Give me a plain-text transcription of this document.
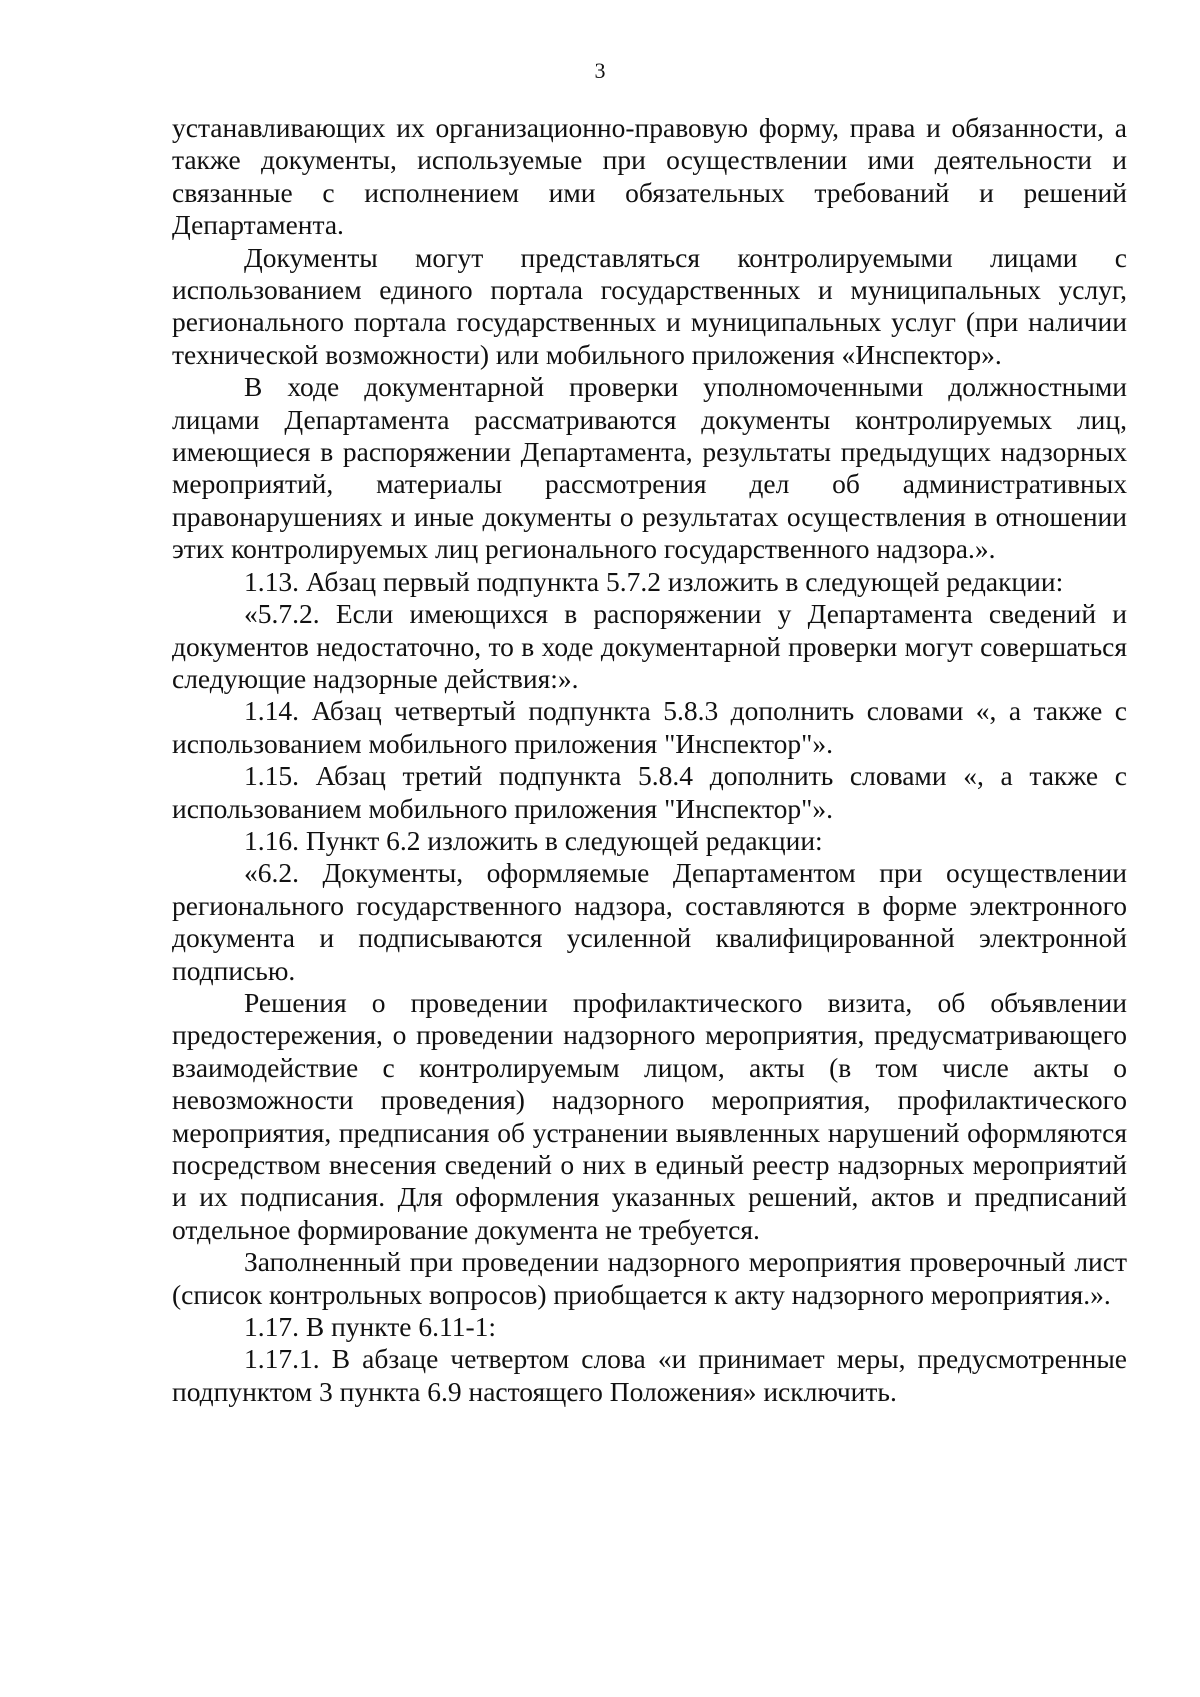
3

устанавливающих их организационно-правовую форму, права и обязанности, а также документы, используемые при осуществлении ими деятельности и связанные с исполнением ими обязательных требований и решений Департамента.

Документы могут представляться контролируемыми лицами с использованием единого портала государственных и муниципальных услуг, регионального портала государственных и муниципальных услуг (при наличии технической возможности) или мобильного приложения «Инспектор».

В ходе документарной проверки уполномоченными должностными лицами Департамента рассматриваются документы контролируемых лиц, имеющиеся в распоряжении Департамента, результаты предыдущих надзорных мероприятий, материалы рассмотрения дел об административных правонарушениях и иные документы о результатах осуществления в отношении этих контролируемых лиц регионального государственного надзора.».

1.13. Абзац первый подпункта 5.7.2 изложить в следующей редакции:

«5.7.2. Если имеющихся в распоряжении у Департамента сведений и документов недостаточно, то в ходе документарной проверки могут совершаться следующие надзорные действия:».

1.14. Абзац четвертый подпункта 5.8.3 дополнить словами «, а также с использованием мобильного приложения "Инспектор"».

1.15. Абзац третий подпункта 5.8.4 дополнить словами «, а также с использованием мобильного приложения "Инспектор"».

1.16. Пункт 6.2 изложить в следующей редакции:

«6.2. Документы, оформляемые Департаментом при осуществлении регионального государственного надзора, составляются в форме электронного документа и подписываются усиленной квалифицированной электронной подписью.

Решения о проведении профилактического визита, об объявлении предостережения, о проведении надзорного мероприятия, предусматривающего взаимодействие с контролируемым лицом, акты (в том числе акты о невозможности проведения) надзорного мероприятия, профилактического мероприятия, предписания об устранении выявленных нарушений оформляются посредством внесения сведений о них в единый реестр надзорных мероприятий и их подписания. Для оформления указанных решений, актов и предписаний отдельное формирование документа не требуется.

Заполненный при проведении надзорного мероприятия проверочный лист (список контрольных вопросов) приобщается к акту надзорного мероприятия.».

1.17. В пункте 6.11-1:

1.17.1. В абзаце четвертом слова «и принимает меры, предусмотренные подпунктом 3 пункта 6.9 настоящего Положения» исключить.
